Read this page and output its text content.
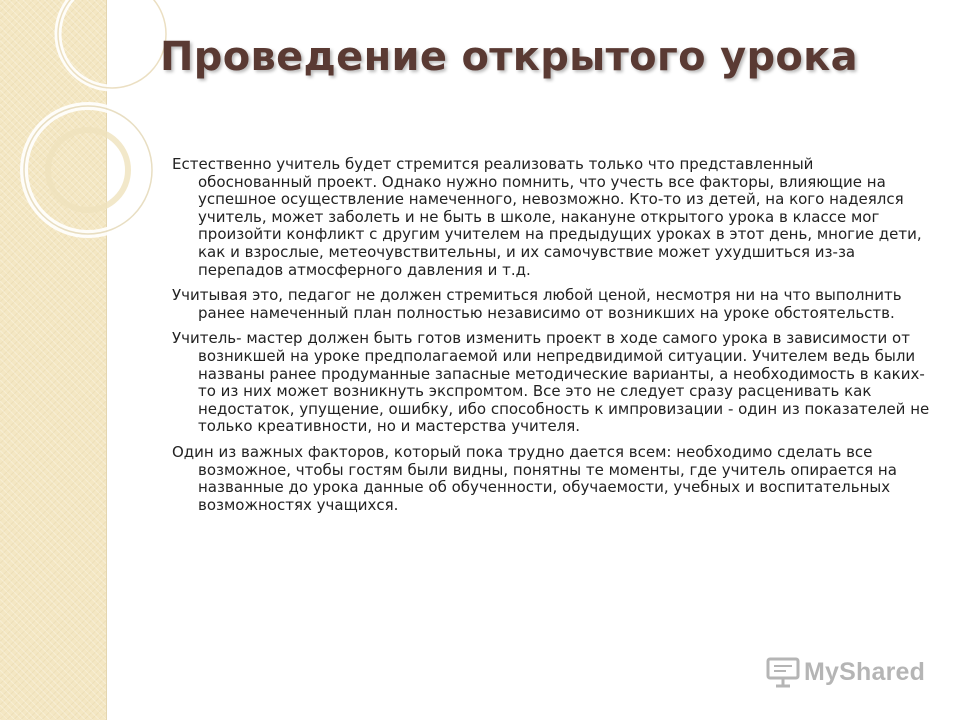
Проведение открытого урока

Естественно учитель будет стремится реализовать только что представленный обоснованный проект. Однако нужно помнить, что учесть все факторы, влияющие на успешное осуществление намеченного, невозможно. Кто-то из детей, на кого надеялся учитель, может заболеть и не быть в школе, накануне открытого урока в классе мог произойти конфликт с другим учителем на предыдущих уроках в этот день, многие дети, как и взрослые, метеочувствительны, и их самочувствие может ухудшиться из-за перепадов атмосферного давления и т.д.

Учитывая это, педагог не должен стремиться любой ценой, несмотря ни на что выполнить ранее намеченный план полностью независимо от возникших на уроке обстоятельств.

Учитель- мастер должен быть готов изменить проект в ходе самого урока в зависимости от возникшей на уроке предполагаемой или непредвидимой ситуации. Учителем ведь были названы ранее продуманные запасные методические варианты, а необходимость в каких-то из них может возникнуть экспромтом. Все это не следует сразу расценивать как недостаток, упущение, ошибку, ибо способность к импровизации - один из показателей не только креативности, но и мастерства учителя.

Один из важных факторов, который пока трудно дается всем: необходимо сделать все возможное, чтобы гостям были видны, понятны те моменты, где учитель опирается на названные до урока данные об обученности, обучаемости, учебных и воспитательных возможностях учащихся.

MyShared
